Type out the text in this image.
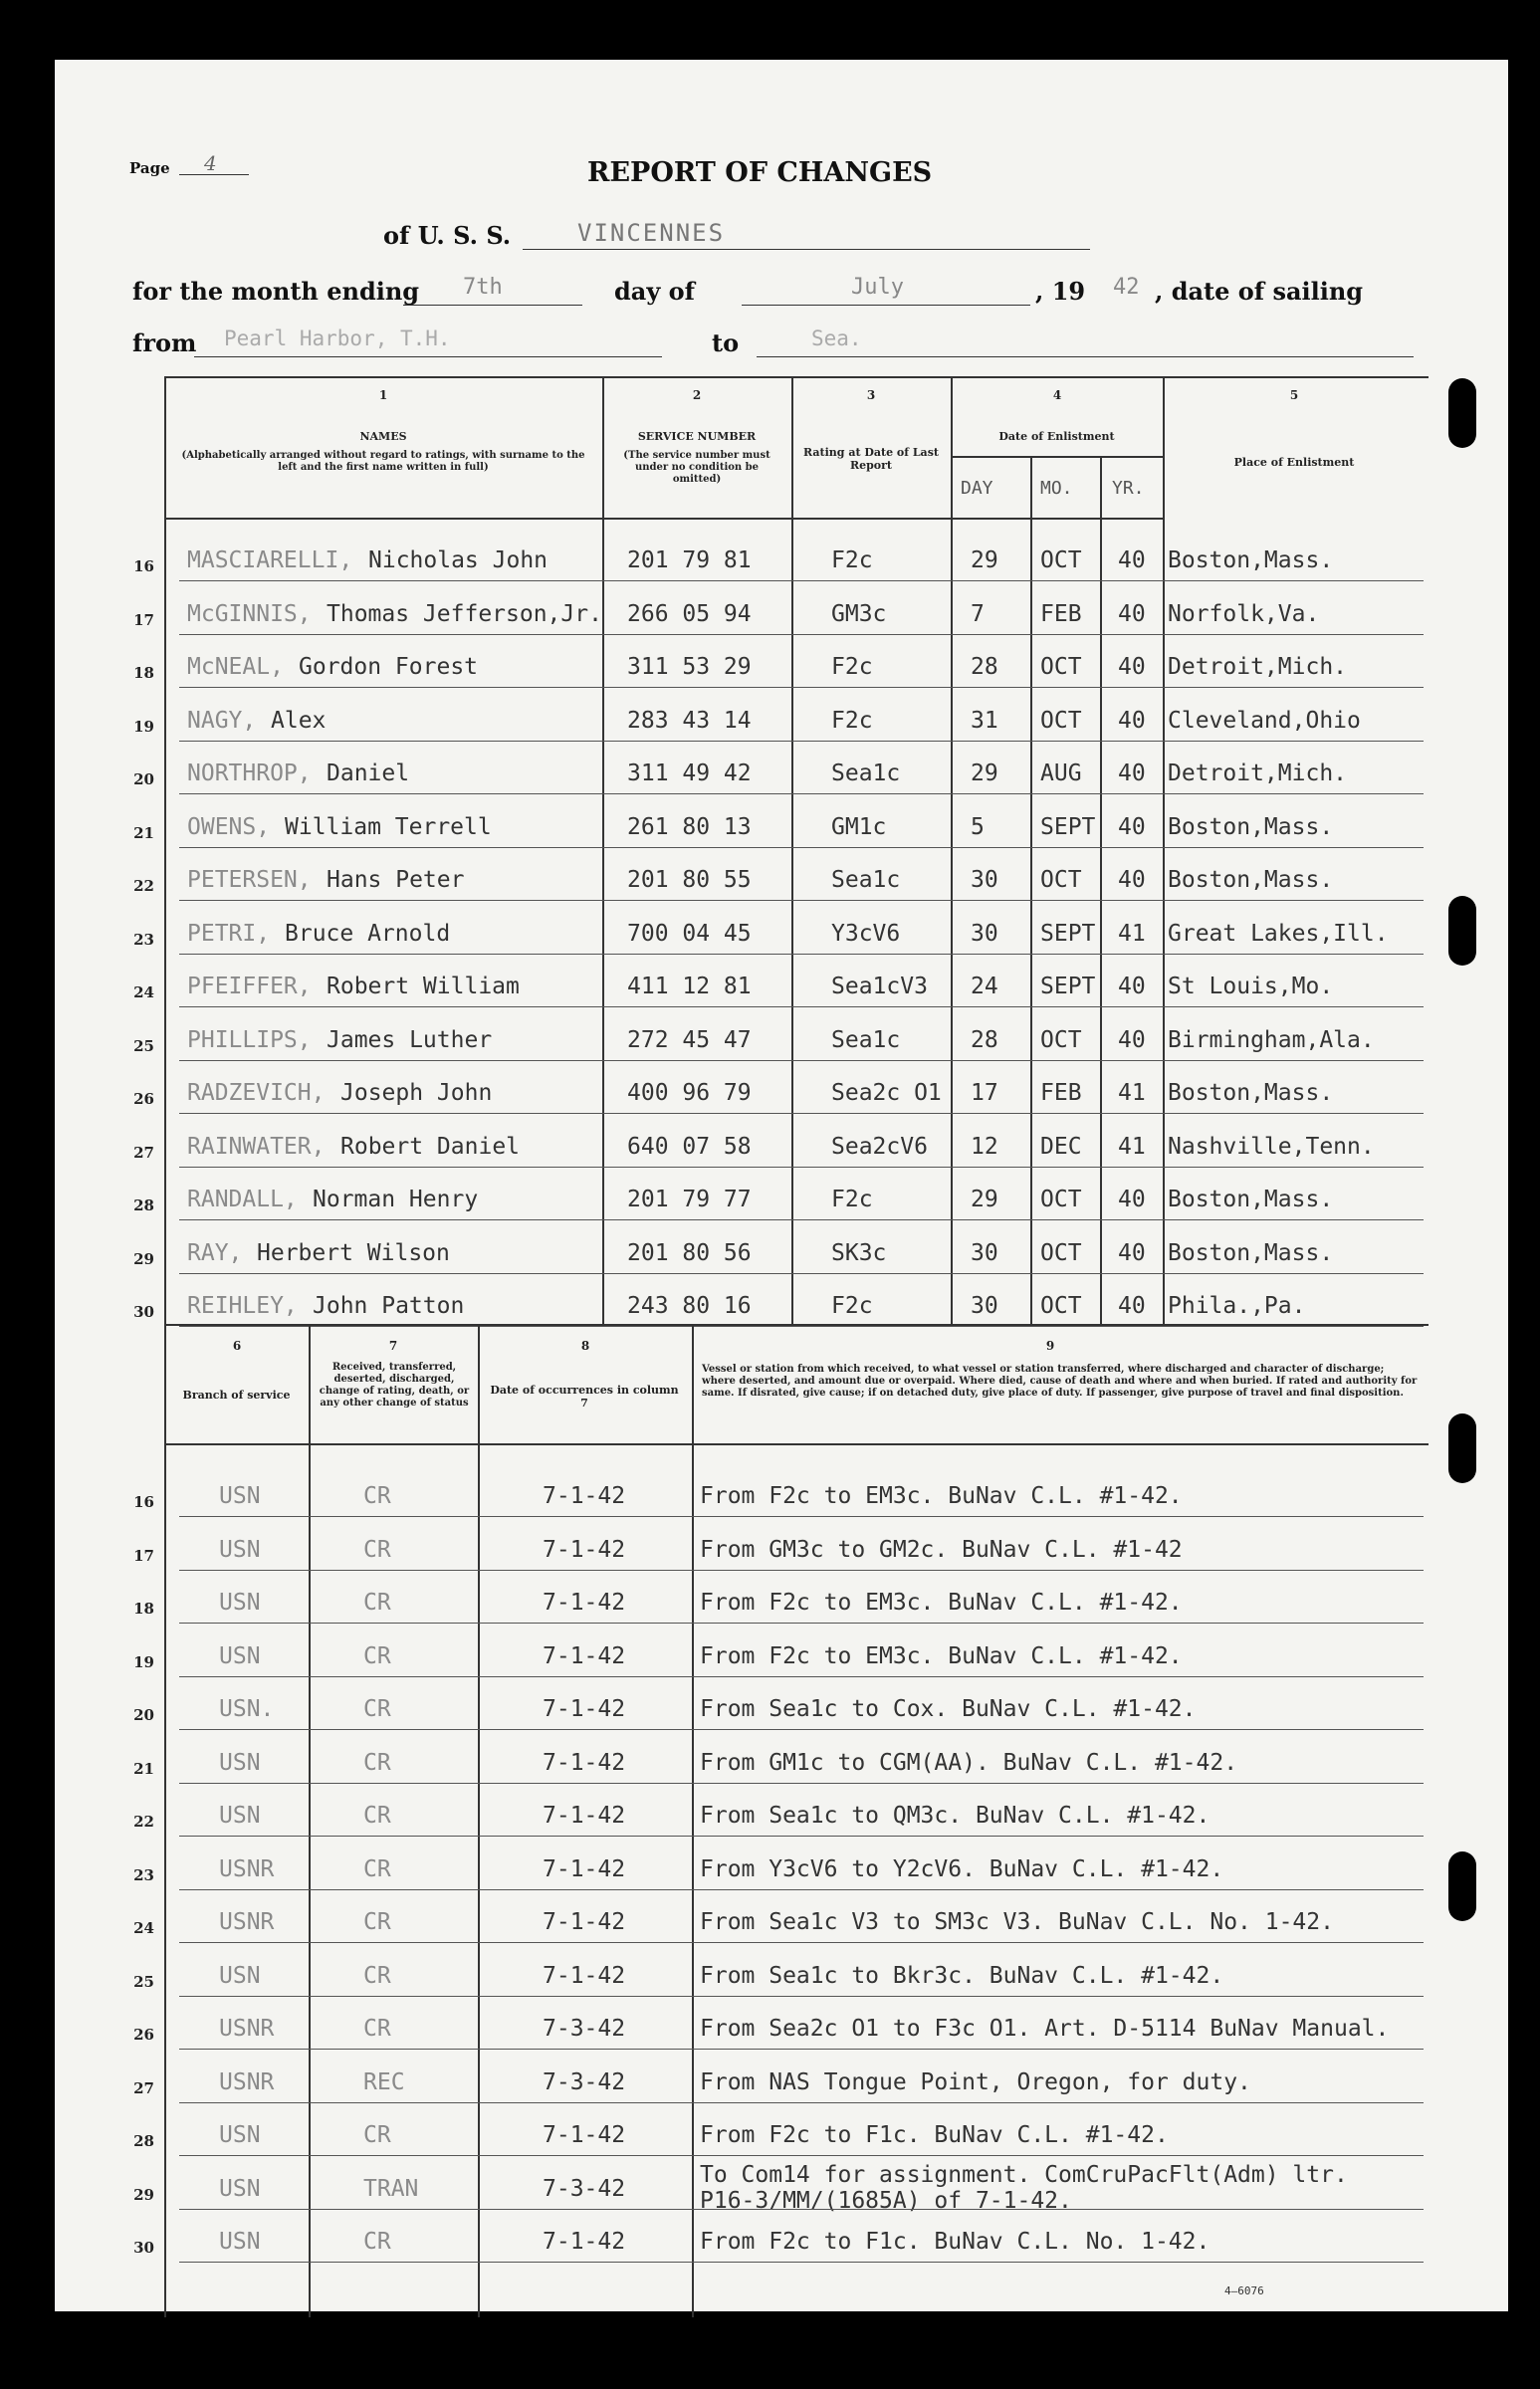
Page 4	REPORT OF CHANGES
of U. S. S.	VINCENNES
for the month ending 7th	day of	July	, 19 42 , date of sailing
from Pearl Harbor, T.H.	to	Sea.
1	2	3	4	5
NAMES
(Alphabetically arranged without regard to ratings, with surname to the left and the first name written in full)
SERVICE NUMBER
(The service number must under no condition be omitted)
Rating at Date of Last Report
Date of Enlistment
DAY	MO. YR.
Place of Enlistment
16 MASCIARELLI, Nicholas John	201 79 81	F2c	29 OCT 40 Boston,Mass.
17 McGINNIS, Thomas Jefferson,Jr. 266 05 94	GM3c	7 FEB 40 Norfolk,Va.
18 McNEAL, Gordon Forest	311 53 29	F2c	28 OCT 40 Detroit,Mich.
19 NAGY, Alex	283 43 14	F2c	31 OCT 40 Cleveland,Ohio
20 NORTHROP, Daniel	311 49 42	Sea1c	29 AUG 40 Detroit,Mich.
21 OWENS, William Terrell	261 80 13	GM1c	5 SEPT 40 Boston,Mass.
22 PETERSEN, Hans Peter	201 80 55	Sea1c	30 OCT 40 Boston,Mass.
23 PETRI, Bruce Arnold	700 04 45	Y3cV6	30 SEPT 41 Great Lakes,Ill.
24 PFEIFFER, Robert William	411 12 81	Sea1cV3 24 SEPT 40 St Louis,Mo.
25 PHILLIPS, James Luther	272 45 47	Sea1c	28 OCT 40 Birmingham,Ala.
26 RADZEVICH, Joseph John	400 96 79	Sea2c O1 17 FEB 41 Boston,Mass.
27 RAINWATER, Robert Daniel	640 07 58	Sea2cV6 12 DEC 41 Nashville,Tenn.
28 RANDALL, Norman Henry	201 79 77	F2c	29 OCT 40 Boston,Mass.
29 RAY, Herbert Wilson	201 80 56	SK3c	30 OCT 40 Boston,Mass.
30 REIHLEY, John Patton	243 80 16	F2c	30 OCT 40 Phila.,Pa.
6	7	8	9
Branch of service
Received, transferred, deserted, discharged, change of rating, death, or any other change of status
Date of occurrences in column 7
Vessel or station from which received, to what vessel or station transferred, where discharged and character of discharge; where deserted, and amount due or overpaid. Where died, cause of death and where and when buried. If rated and authority for same. If disrated, give cause; if on detached duty, give place of duty. If passenger, give purpose of travel and final disposition.
16	USN	CR	7-1-42	From F2c to EM3c. BuNav C.L. #1-42.
17	USN	CR	7-1-42	From GM3c to GM2c. BuNav C.L. #1-42
18	USN	CR	7-1-42	From F2c to EM3c. BuNav C.L. #1-42.
19	USN	CR	7-1-42	From F2c to EM3c. BuNav C.L. #1-42.
20	USN.	CR	7-1-42	From Sea1c to Cox. BuNav C.L. #1-42.
21	USN	CR	7-1-42	From GM1c to CGM(AA). BuNav C.L. #1-42.
22	USN	CR	7-1-42	From Sea1c to QM3c. BuNav C.L. #1-42.
23	USNR	CR	7-1-42	From Y3cV6 to Y2cV6. BuNav C.L. #1-42.
24	USNR	CR	7-1-42	From Sea1c V3 to SM3c V3. BuNav C.L. No. 1-42.
25	USN	CR	7-1-42	From Sea1c to Bkr3c. BuNav C.L. #1-42.
26	USNR	CR	7-3-42	From Sea2c O1 to F3c O1. Art. D-5114 BuNav Manual.
27	USNR	REC	7-3-42	From NAS Tongue Point, Oregon, for duty.
28	USN	CR	7-1-42	From F2c to F1c. BuNav C.L. #1-42.
29	USN	TRAN	7-3-42
To Com14 for assignment. ComCruPacFlt(Adm) ltr.
P16-3/MM/(1685A) of 7-1-42.
30	USN	CR	7-1-42	From F2c to F1c. BuNav C.L. No. 1-42.
4—6076
